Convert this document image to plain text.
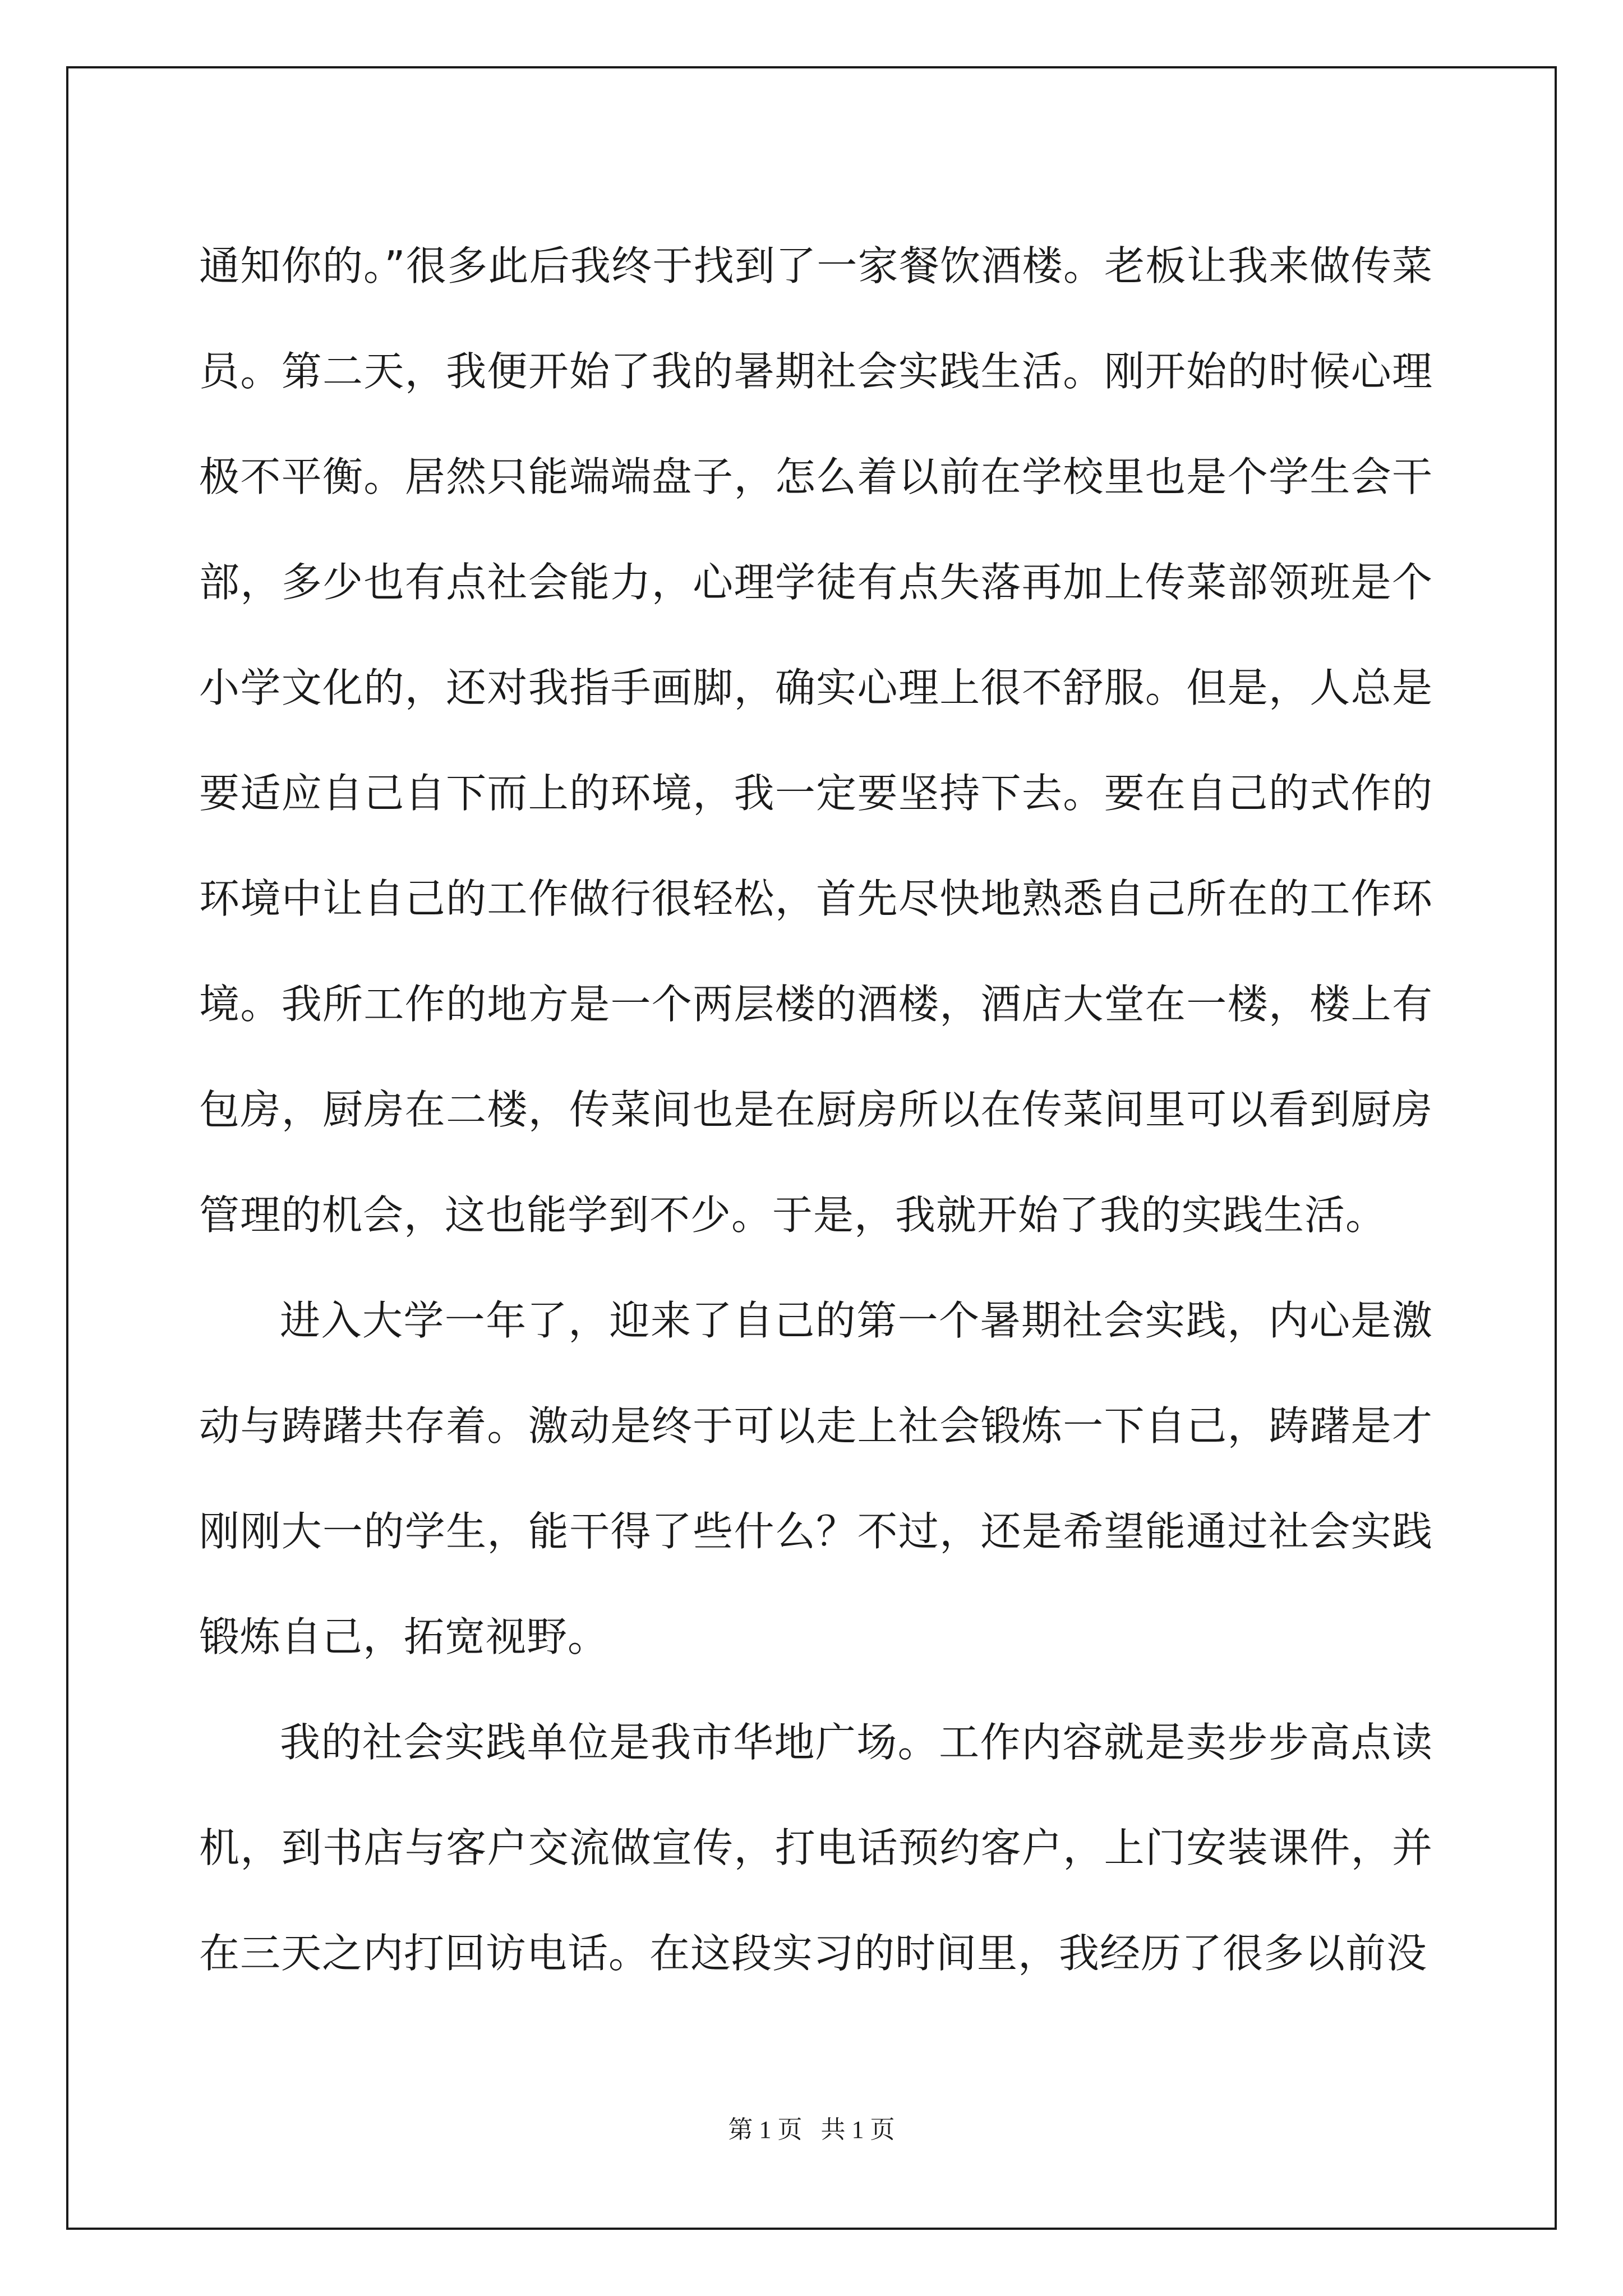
通知你的。”很多此后我终于找到了一家餐饮酒楼。老板让我来做传菜员。第二天，我便开始了我的暑期社会实践生活。刚开始的时候心理极不平衡。居然只能端端盘子，怎么着以前在学校里也是个学生会干部，多少也有点社会能力，心理学徒有点失落再加上传菜部领班是个小学文化的，还对我指手画脚，确实心理上很不舒服。但是，人总是要适应自己自下而上的环境，我一定要坚持下去。要在自己的式作的环境中让自己的工作做行很轻松，首先尽快地熟悉自己所在的工作环境。我所工作的地方是一个两层楼的酒楼，酒店大堂在一楼，楼上有包房，厨房在二楼，传菜间也是在厨房所以在传菜间里可以看到厨房管理的机会，这也能学到不少。于是，我就开始了我的实践生活。

进入大学一年了，迎来了自己的第一个暑期社会实践，内心是激动与踌躇共存着。激动是终于可以走上社会锻炼一下自己，踌躇是才刚刚大一的学生，能干得了些什么？不过，还是希望能通过社会实践锻炼自己，拓宽视野。

我的社会实践单位是我市华地广场。工作内容就是卖步步高点读机，到书店与客户交流做宣传，打电话预约客户，上门安装课件，并在三天之内打回访电话。在这段实习的时间里，我经历了很多以前没

第 1 页   共 1 页
